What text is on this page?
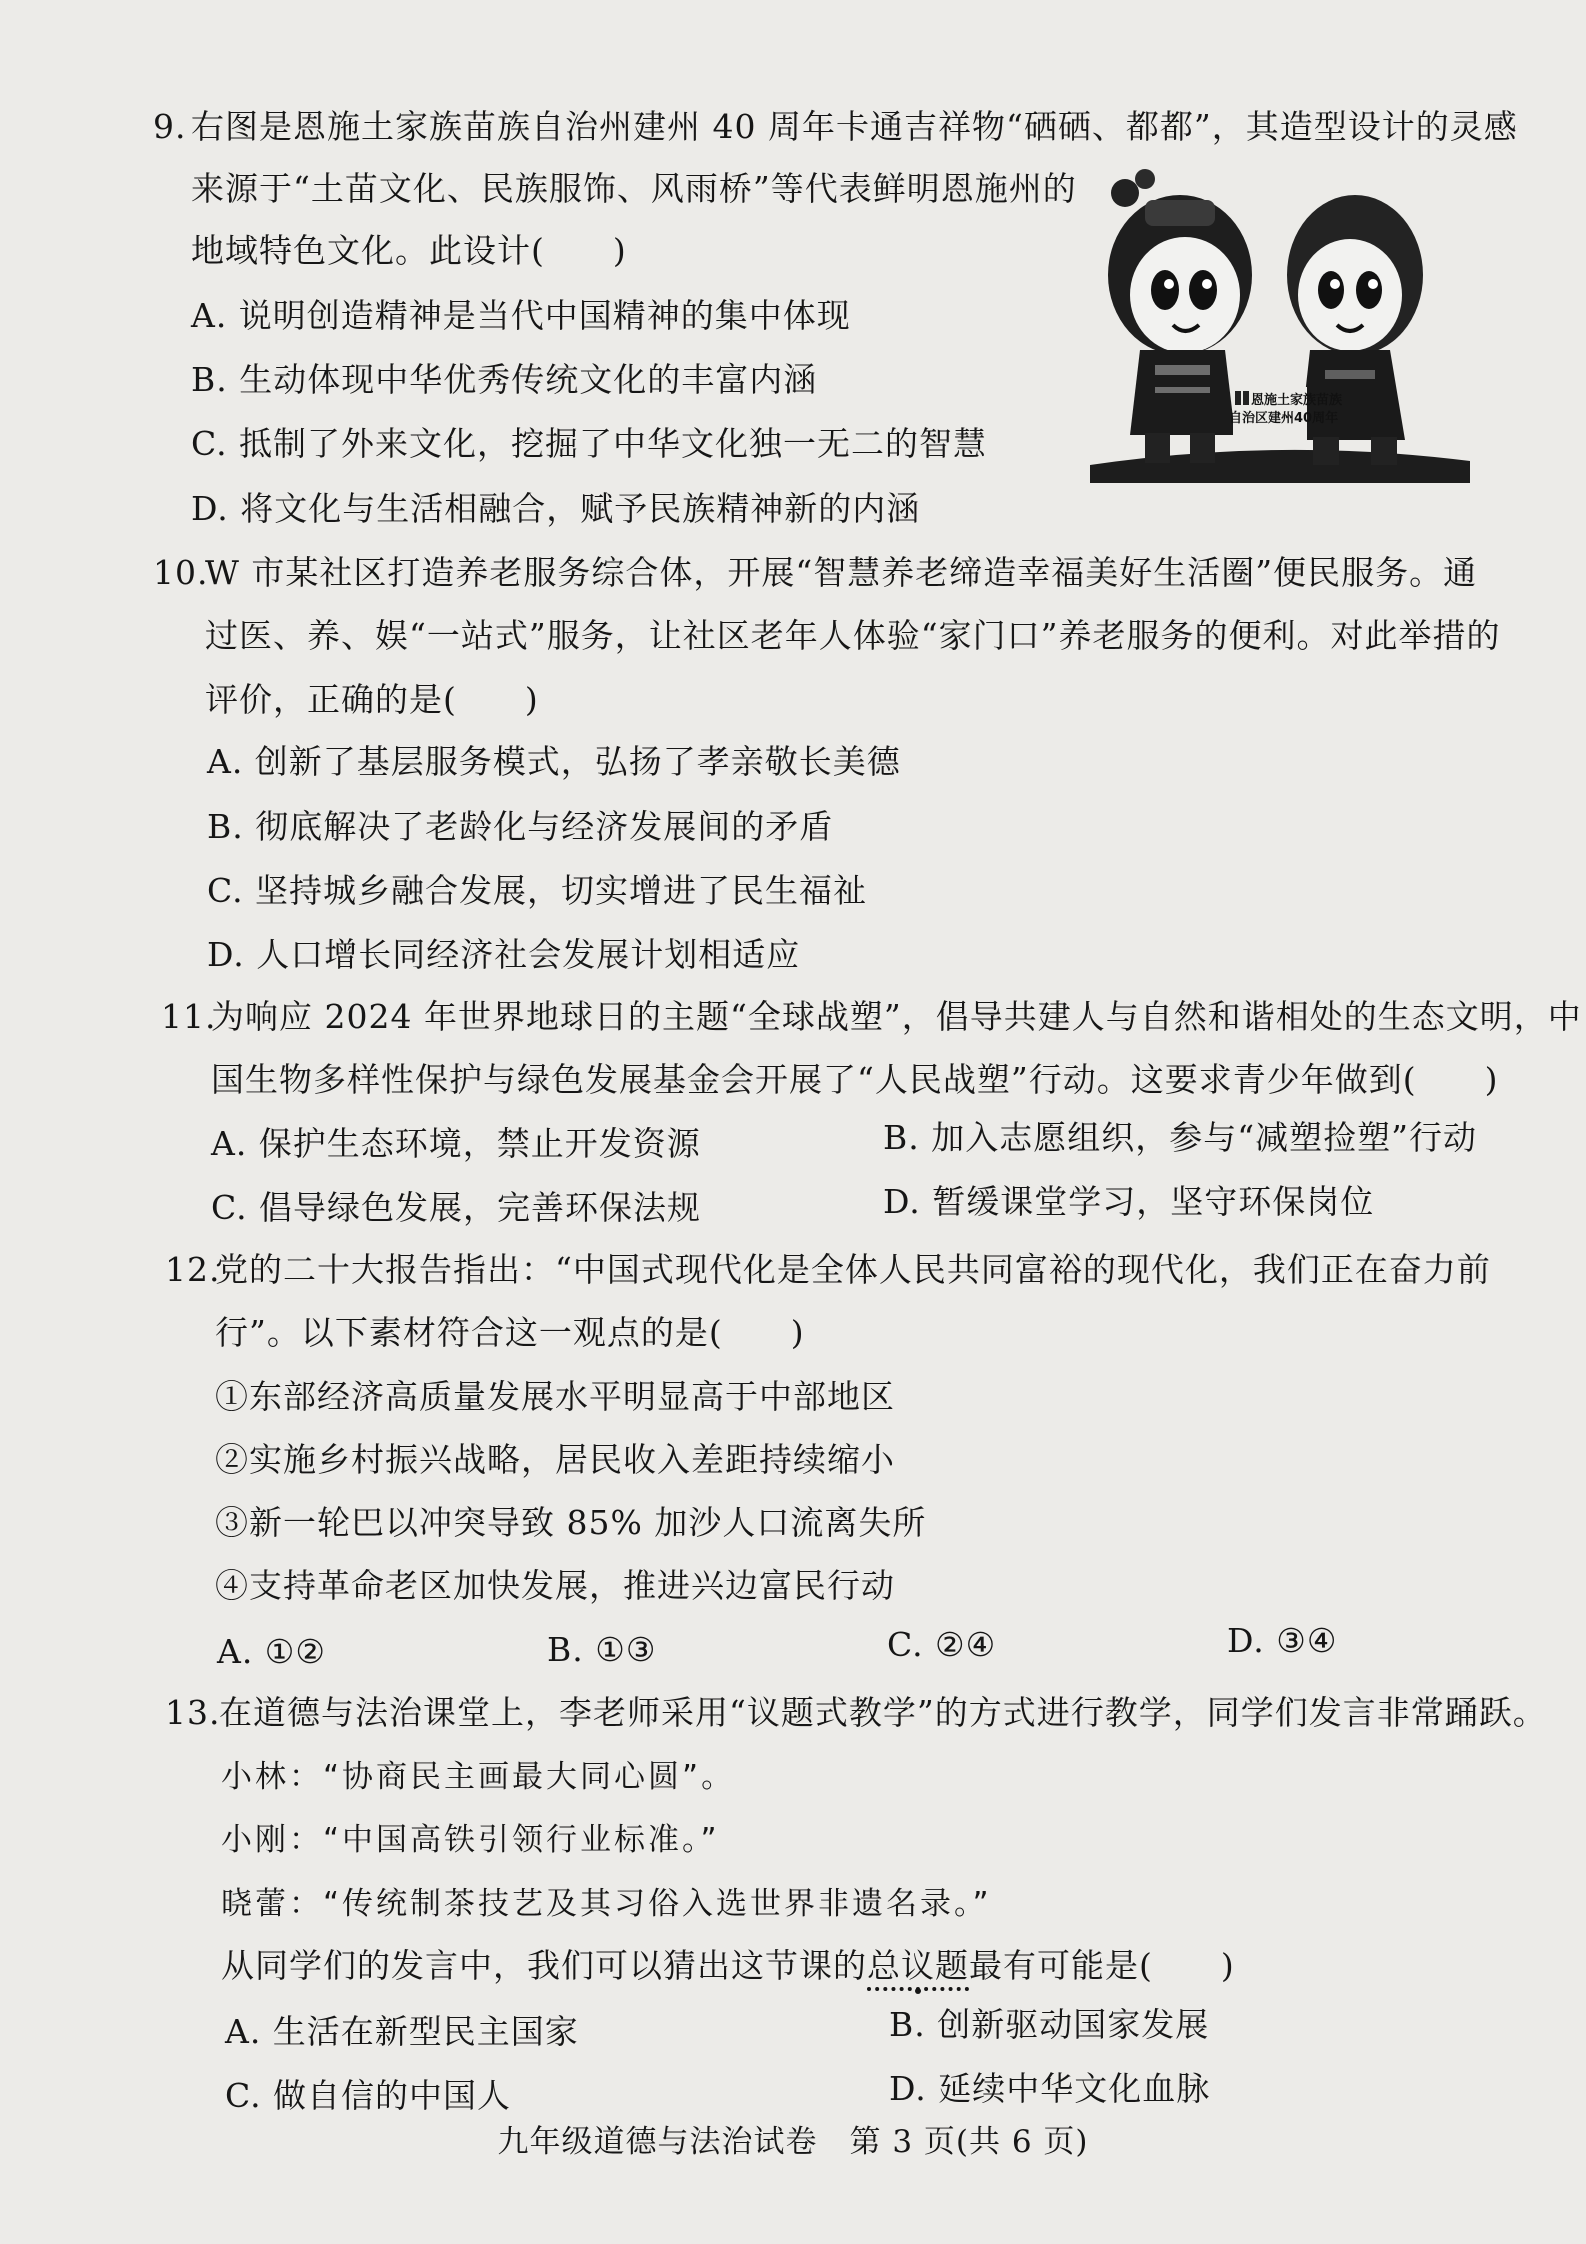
9. 右图是恩施土家族苗族自治州建州 40 周年卡通吉祥物“硒硒、都都”，其造型设计的灵感
来源于“土苗文化、民族服饰、风雨桥”等代表鲜明恩施州的
地域特色文化。此设计(　　)
A. 说明创造精神是当代中国精神的集中体现
B. 生动体现中华优秀传统文化的丰富内涵
C. 抵制了外来文化，挖掘了中华文化独一无二的智慧
D. 将文化与生活相融合，赋予民族精神新的内涵
恩施土家族苗族
自治区建州40周年
10.
W 市某社区打造养老服务综合体，开展“智慧养老缔造幸福美好生活圈”便民服务。通
过医、养、娱“一站式”服务，让社区老年人体验“家门口”养老服务的便利。对此举措的
评价，正确的是(　　)
A. 创新了基层服务模式，弘扬了孝亲敬长美德
B. 彻底解决了老龄化与经济发展间的矛盾
C. 坚持城乡融合发展，切实增进了民生福祉
D. 人口增长同经济社会发展计划相适应
11.
为响应 2024 年世界地球日的主题“全球战塑”，倡导共建人与自然和谐相处的生态文明，中
国生物多样性保护与绿色发展基金会开展了“人民战塑”行动。这要求青少年做到(　　)
A. 保护生态环境，禁止开发资源	B. 加入志愿组织，参与“减塑捡塑”行动
C. 倡导绿色发展，完善环保法规	D. 暂缓课堂学习，坚守环保岗位
12.
党的二十大报告指出：“中国式现代化是全体人民共同富裕的现代化，我们正在奋力前
行”。以下素材符合这一观点的是(　　)
①东部经济高质量发展水平明显高于中部地区
②实施乡村振兴战略，居民收入差距持续缩小
③新一轮巴以冲突导致 85% 加沙人口流离失所
④支持革命老区加快发展，推进兴边富民行动
A. ①②	B. ①③	C. ②④	D. ③④
13.
在道德与法治课堂上，李老师采用“议题式教学”的方式进行教学，同学们发言非常踊跃。
小林：“协商民主画最大同心圆”。
小刚：“中国高铁引领行业标准。”
晓蕾：“传统制茶技艺及其习俗入选世界非遗名录。”
从同学们的发言中，我们可以猜出这节课的总议题最有可能是(　　)
A. 生活在新型民主国家	B. 创新驱动国家发展
C. 做自信的中国人	D. 延续中华文化血脉
九年级道德与法治试卷　第 3 页(共 6 页)
